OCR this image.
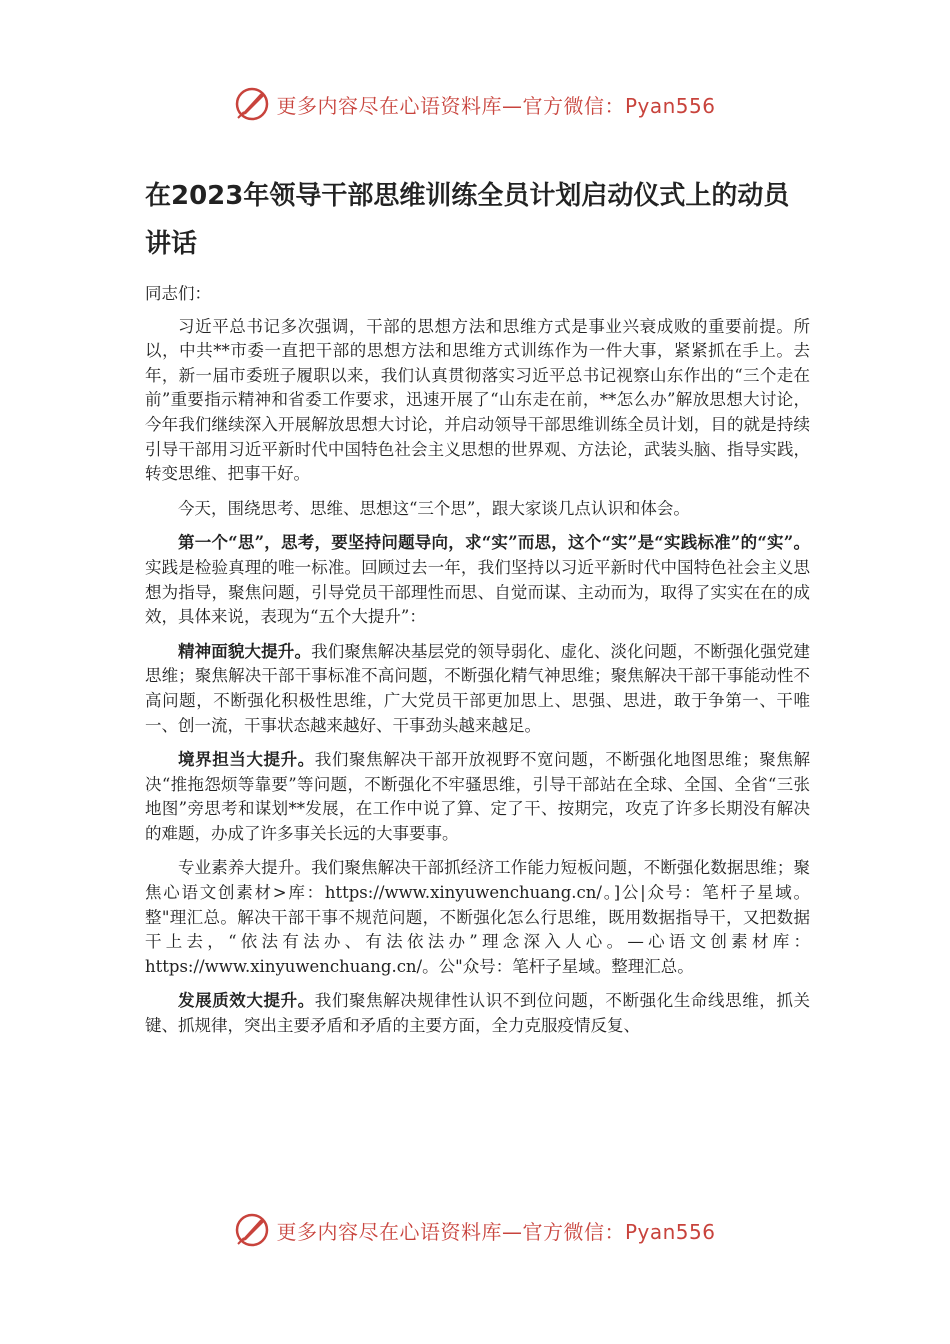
更多内容尽在心语资料库—官方微信：Pyan556
在2023年领导干部思维训练全员计划启动仪式上的动员讲话

同志们：

习近平总书记多次强调，干部的思想方法和思维方式是事业兴衰成败的重要前提。所以，中共**市委一直把干部的思想方法和思维方式训练作为一件大事，紧紧抓在手上。去年，新一届市委班子履职以来，我们认真贯彻落实习近平总书记视察山东作出的“三个走在前”重要指示精神和省委工作要求，迅速开展了“山东走在前，**怎么办”解放思想大讨论，今年我们继续深入开展解放思想大讨论，并启动领导干部思维训练全员计划，目的就是持续引导干部用习近平新时代中国特色社会主义思想的世界观、方法论，武装头脑、指导实践，转变思维、把事干好。

今天，围绕思考、思维、思想这“三个思”，跟大家谈几点认识和体会。

第一个“思”，思考，要坚持问题导向，求“实”而思，这个“实”是“实践标准”的“实”。实践是检验真理的唯一标准。回顾过去一年，我们坚持以习近平新时代中国特色社会主义思想为指导，聚焦问题，引导党员干部理性而思、自觉而谋、主动而为，取得了实实在在的成效，具体来说，表现为“五个大提升”：

精神面貌大提升。我们聚焦解决基层党的领导弱化、虚化、淡化问题，不断强化强党建思维；聚焦解决干部干事标准不高问题，不断强化精气神思维；聚焦解决干部干事能动性不高问题，不断强化积极性思维，广大党员干部更加思上、思强、思进，敢于争第一、干唯一、创一流，干事状态越来越好、干事劲头越来越足。

境界担当大提升。我们聚焦解决干部开放视野不宽问题，不断强化地图思维；聚焦解决“推拖怨烦等靠要”等问题，不断强化不牢骚思维，引导干部站在全球、全国、全省“三张地图”旁思考和谋划**发展，在工作中说了算、定了干、按期完，攻克了许多长期没有解决的难题，办成了许多事关长远的大事要事。

专业素养大提升。我们聚焦解决干部抓经济工作能力短板问题，不断强化数据思维；聚焦心语文创素材>库：https://www.xinyuwenchuang.cn/。]公|众号：笔杆子星域。整"理汇总。解决干部干事不规范问题，不断强化怎么行思维，既用数据指导干，又把数据干上去，“依法有法办、有法依法办”理念深入人心。—心语文创素材库：https://www.xinyuwenchuang.cn/。公"众号：笔杆子星域。整理汇总。

发展质效大提升。我们聚焦解决规律性认识不到位问题，不断强化生命线思维，抓关键、抓规律，突出主要矛盾和矛盾的主要方面，全力克服疫情反复、

更多内容尽在心语资料库—官方微信：Pyan556
